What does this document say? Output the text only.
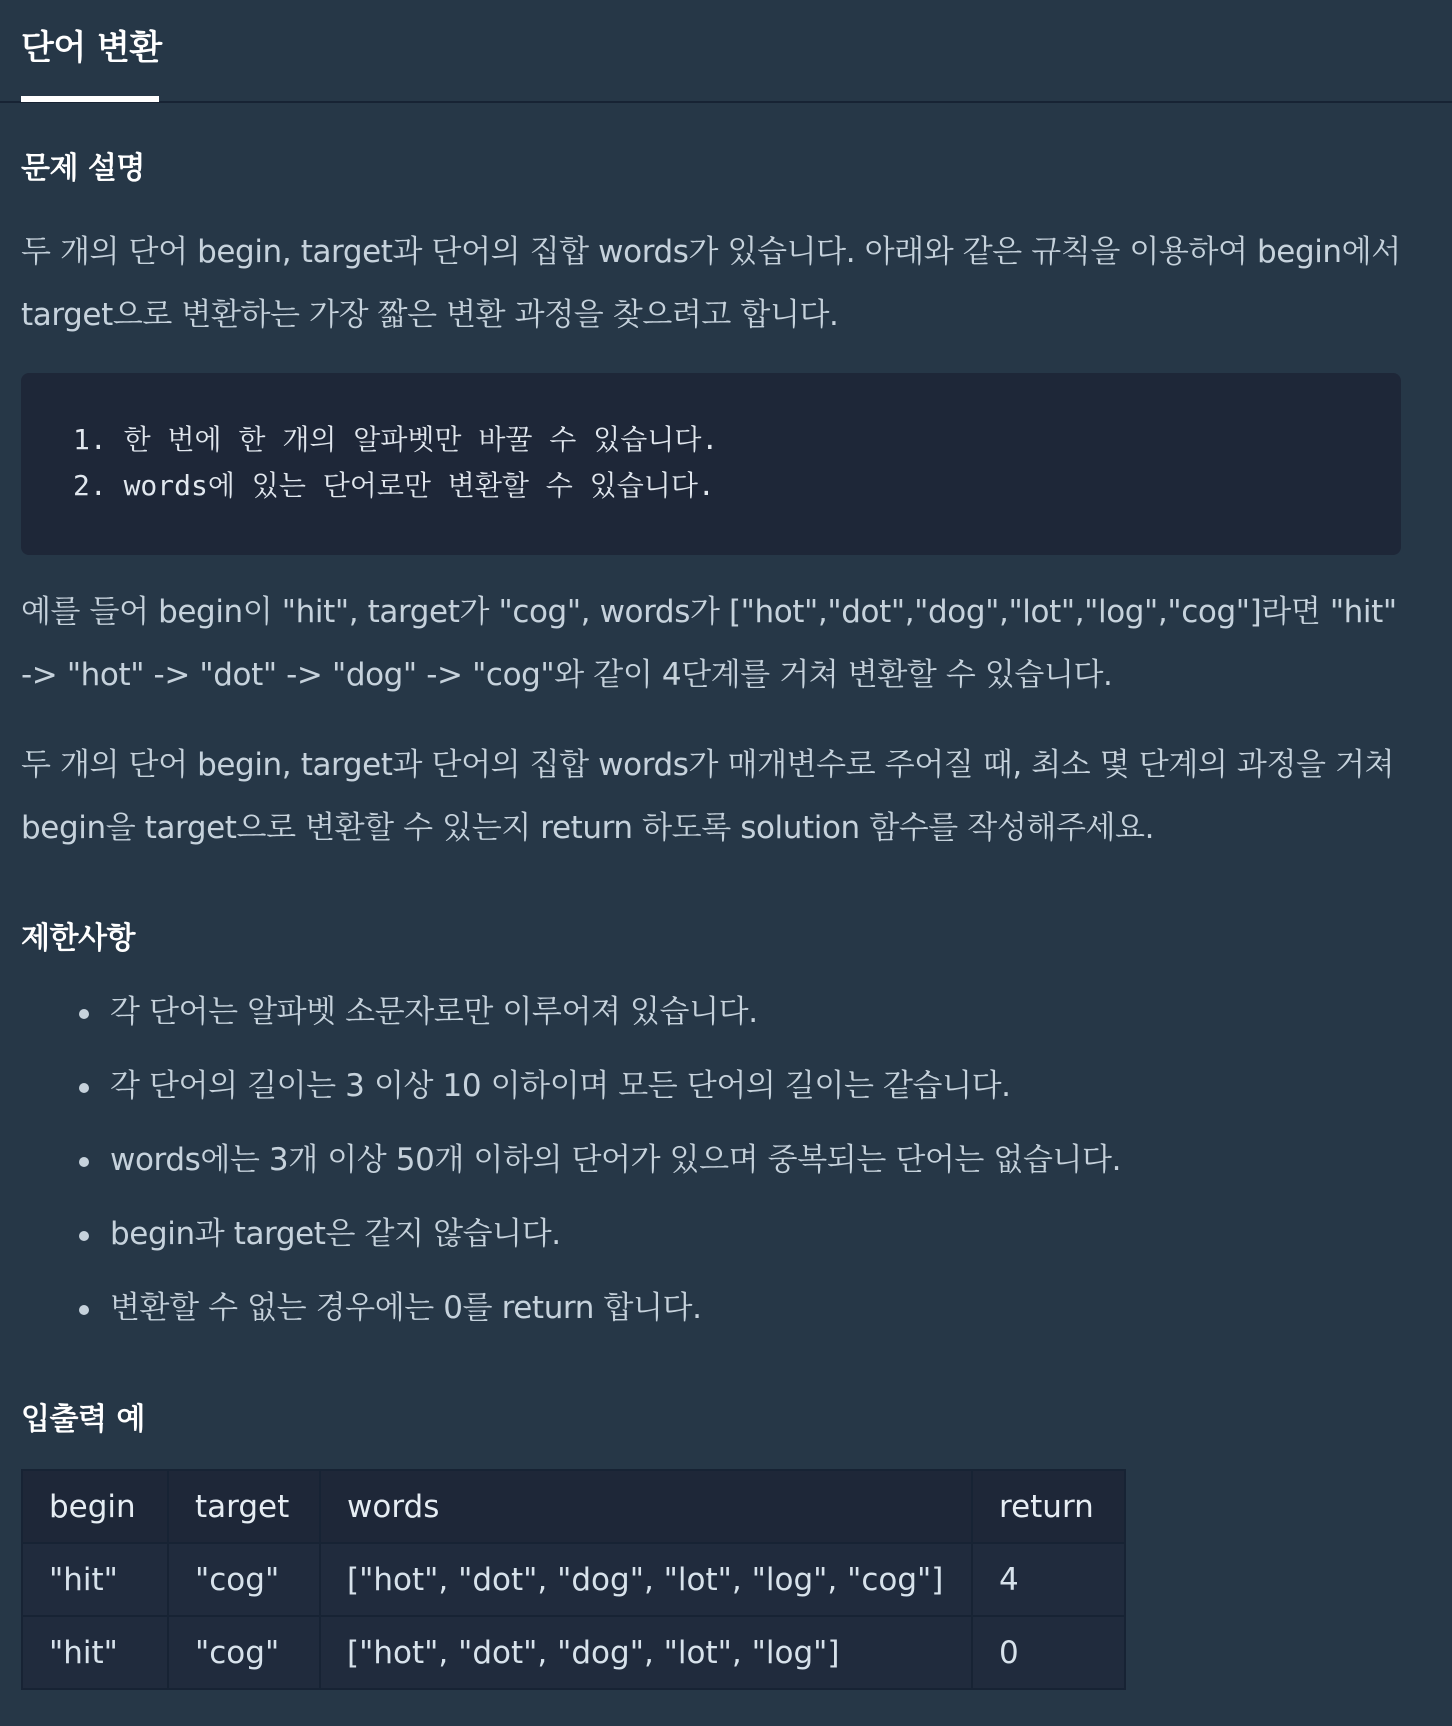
단어 변환
문제 설명

두 개의 단어 begin, target과 단어의 집합 words가 있습니다. 아래와 같은 규칙을 이용하여 begin에서 target으로 변환하는 가장 짧은 변환 과정을 찾으려고 합니다.

1. 한 번에 한 개의 알파벳만 바꿀 수 있습니다.
2. words에 있는 단어로만 변환할 수 있습니다.

예를 들어 begin이 "hit", target가 "cog", words가 ["hot","dot","dog","lot","log","cog"]라면 "hit" -> "hot" -> "dot" -> "dog" -> "cog"와 같이 4단계를 거쳐 변환할 수 있습니다.

두 개의 단어 begin, target과 단어의 집합 words가 매개변수로 주어질 때, 최소 몇 단계의 과정을 거쳐 begin을 target으로 변환할 수 있는지 return 하도록 solution 함수를 작성해주세요.

제한사항
각 단어는 알파벳 소문자로만 이루어져 있습니다.
각 단어의 길이는 3 이상 10 이하이며 모든 단어의 길이는 같습니다.
words에는 3개 이상 50개 이하의 단어가 있으며 중복되는 단어는 없습니다.
begin과 target은 같지 않습니다.
변환할 수 없는 경우에는 0를 return 합니다.
입출력 예
begin	target	words	return
"hit"	"cog"	["hot", "dot", "dog", "lot", "log", "cog"]	4
"hit"	"cog"	["hot", "dot", "dog", "lot", "log"]	0
